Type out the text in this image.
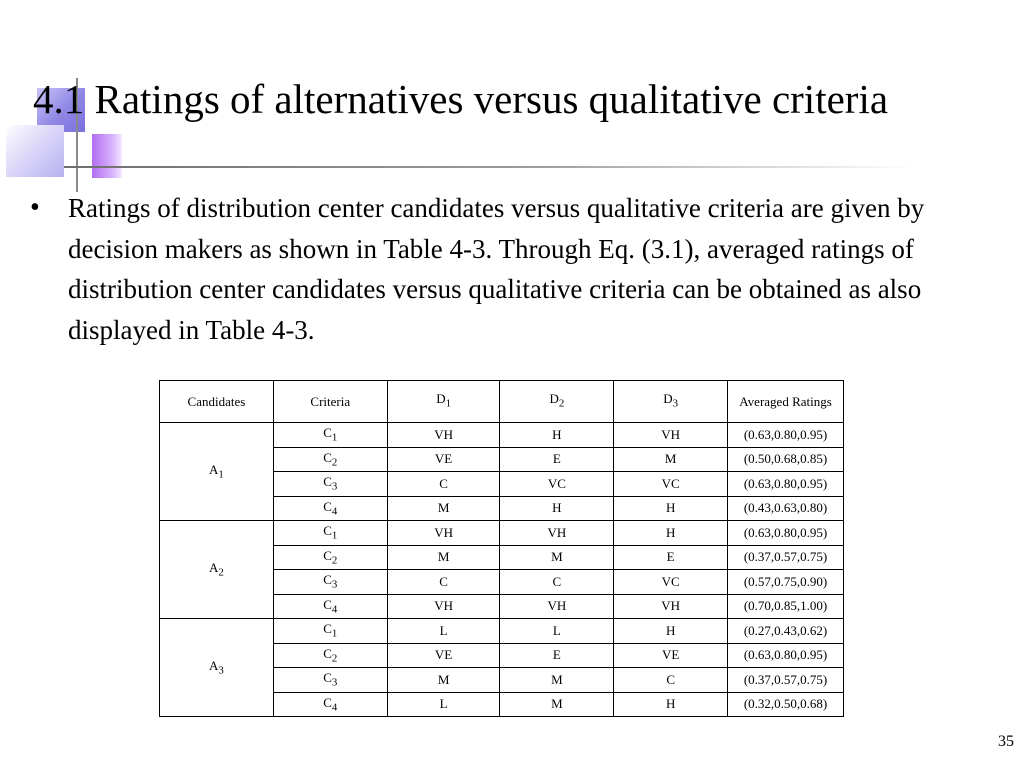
4.1 Ratings of alternatives versus qualitative criteria
• Ratings of distribution center candidates versus qualitative criteria are given by decision makers as shown in Table 4-3. Through Eq. (3.1), averaged ratings of distribution center candidates versus qualitative criteria can be obtained as also displayed in Table 4-3.

Candidates	Criteria	$D_1$	$D_2$	$D_3$	Averaged Ratings
$A_1$	$C_1$	VH	H	VH	(0.63,0.80,0.95)
	$C_2$	VE	E	M	(0.50,0.68,0.85)
	$C_3$	C	VC	VC	(0.63,0.80,0.95)
	$C_4$	M	H	H	(0.43,0.63,0.80)
$A_2$	$C_1$	VH	VH	H	(0.63,0.80,0.95)
	$C_2$	M	M	E	(0.37,0.57,0.75)
	$C_3$	C	C	VC	(0.57,0.75,0.90)
	$C_4$	VH	VH	VH	(0.70,0.85,1.00)
$A_3$	$C_1$	L	L	H	(0.27,0.43,0.62)
	$C_2$	VE	E	VE	(0.63,0.80,0.95)
	$C_3$	M	M	C	(0.37,0.57,0.75)
	$C_4$	L	M	H	(0.32,0.50,0.68)
35
